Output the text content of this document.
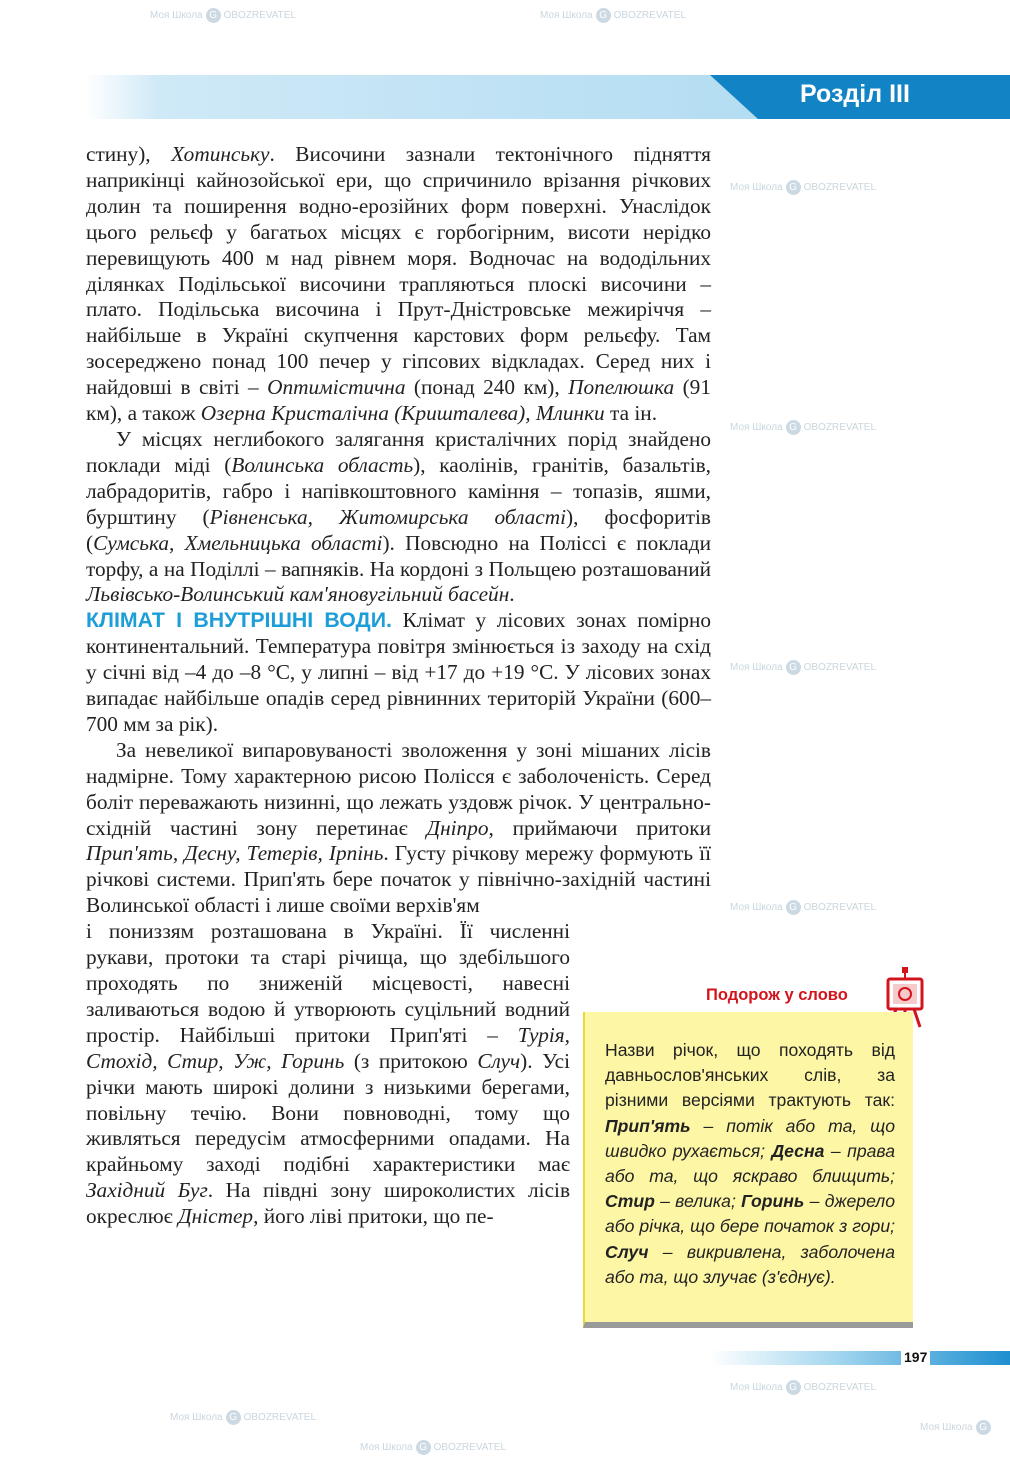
Моя Школа G OBOZREVATEL	Моя Школа G OBOZREVATEL
Моя Школа G OBOZREVATEL
Моя Школа G OBOZREVATEL
Моя Школа G OBOZREVATEL
Моя Школа G OBOZREVATEL
Моя Школа G OBOZREVATEL
Моя Школа G OBOZREVATEL
Моя Школа G OBOZREVATEL
Моя Школа G
Розділ III

стину), Хотинську. Височини зазнали тектонічного підняття наприкінці кайнозойської ери, що спричинило врізання річкових долин та поширення водно-ерозійних форм поверхні. Унаслідок цього рельєф у багатьох місцях є горбогірним, висоти нерідко перевищують 400 м над рівнем моря. Водночас на вододільних ділянках Подільської височини трапляються плоскі височини – плато. Подільська височина і Прут-Дністровське межиріччя – найбільше в Україні скупчення карстових форм рельєфу. Там зосереджено понад 100 печер у гіпсових відкладах. Серед них і найдовші в світі – Оптимістична (понад 240 км), Попелюшка (91 км), а також Озерна Кристалічна (Кришталева), Млинки та ін.

У місцях неглибокого залягання кристалічних порід знайдено поклади міді (Волинська область), каолінів, гранітів, базальтів, лабрадоритів, габро і напівкоштовного каміння – топазів, яшми, бурштину (Рівненська, Житомирська області), фосфоритів (Сумська, Хмельницька області). Повсюдно на Поліссі є поклади торфу, а на Поділлі – вапняків. На кордоні з Польщею розташований Львівсько-Волинський кам'яновугільний басейн.

КЛІМАТ І ВНУТРІШНІ ВОДИ. Клімат у лісових зонах помірно континентальний. Температура повітря змінюється із заходу на схід у січні від –4 до –8 °С, у липні – від +17 до +19 °С. У лісових зонах випадає найбільше опадів серед рівнинних територій України (600–700 мм за рік).

За невеликої випаровуваності зволоження у зоні мішаних лісів надмірне. Тому характерною рисою Полісся є заболоченість. Серед боліт переважають низинні, що лежать уздовж річок. У центрально-східній частині зону перетинає Дніпро, приймаючи притоки Прип'ять, Десну, Тетерів, Ірпінь. Густу річкову мережу формують її річкові системи. Прип'ять бере початок у північно-західній частині Волинської області і лише своїми верхів'ям

і пониззям розташована в Україні. Її численні рукави, протоки та старі річища, що здебільшого проходять по зниженій місцевості, навесні заливаються водою й утворюють суцільний водний простір. Найбільші притоки Прип'яті – Турія, Стохід, Стир, Уж, Горинь (з притокою Случ). Усі річки мають широкі долини з низькими берегами, повільну течію. Вони повноводні, тому що живляться передусім атмосферними опадами. На крайньому заході подібні характеристики має Західний Буг. На півдні зону широколистих лісів окреслює Дністер, його ліві притоки, що пе-

Подорож у слово
Назви річок, що походять від давньослов'янських слів, за різними версіями трактують так: Прип'ять – потік або та, що швидко рухається; Десна – права або та, що яскраво блищить; Стир – велика; Горинь – джерело або річка, що бере початок з гори; Случ – викривлена, заболочена або та, що злучає (з'єднує).
197
